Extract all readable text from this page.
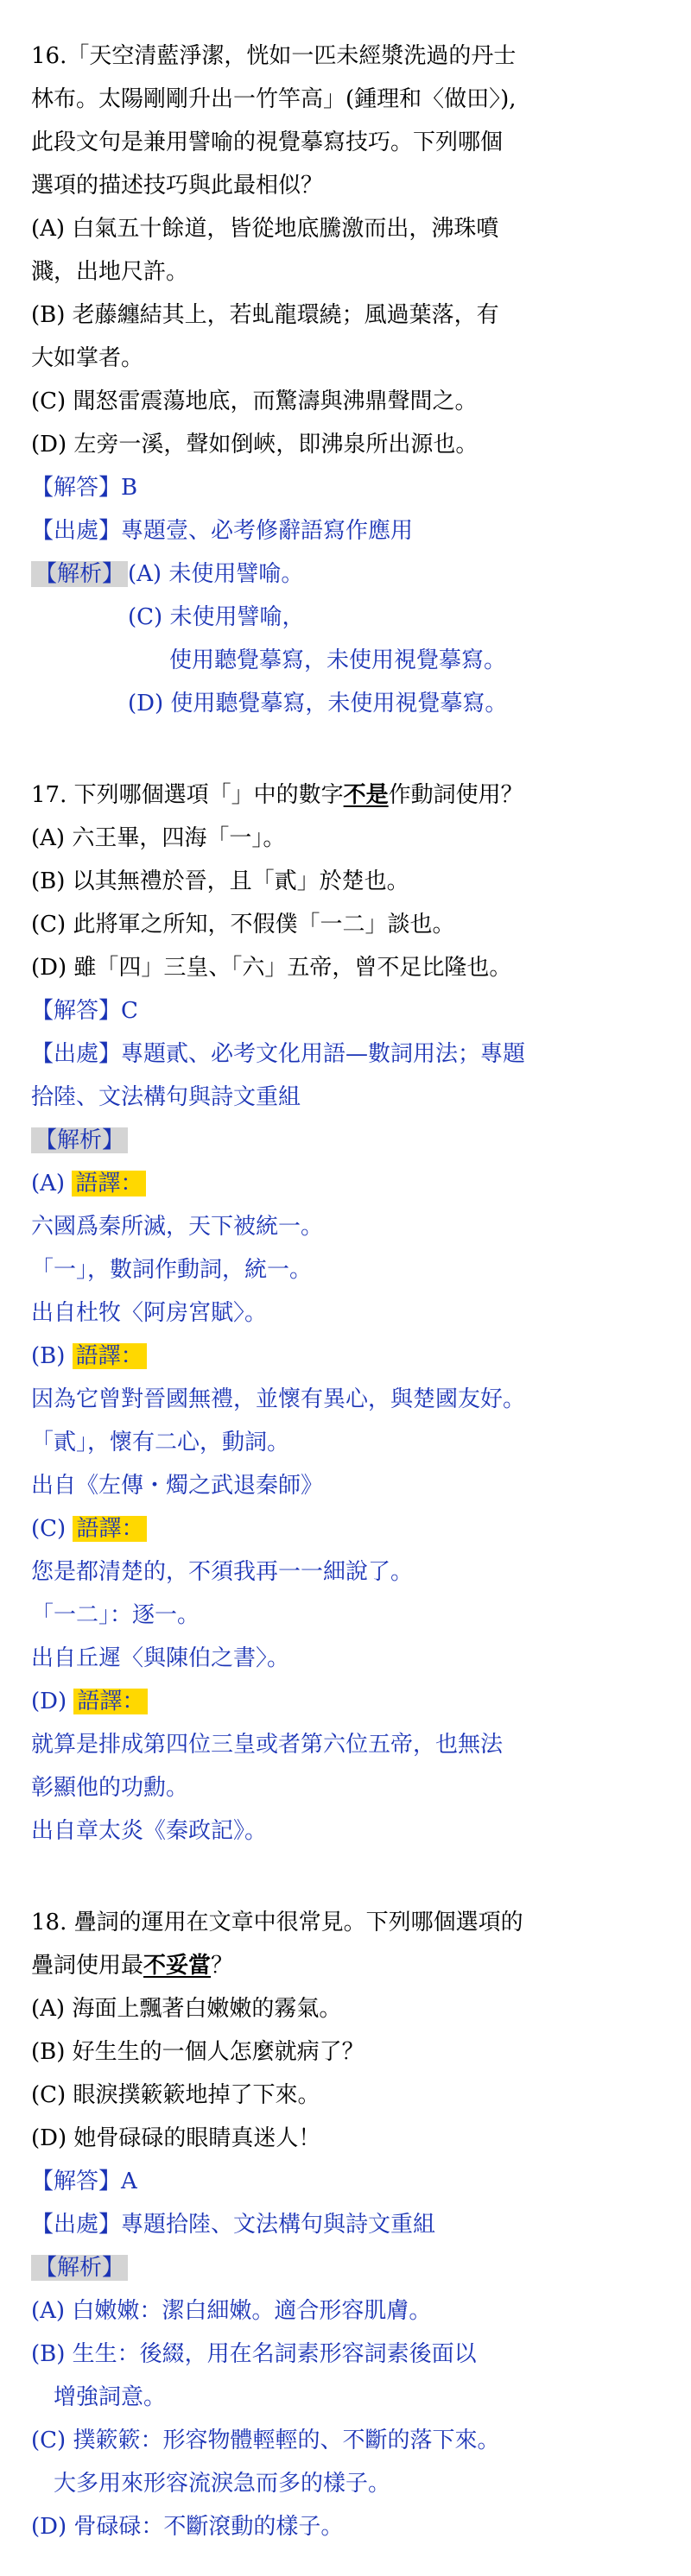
16.「天空清藍淨潔，恍如一匹未經漿洗過的丹士

林布。太陽剛剛升出一竹竿高」(鍾理和〈做田〉),

此段文句是兼用譬喻的視覺摹寫技巧。下列哪個

選項的描述技巧與此最相似？

(A) 白氣五十餘道，皆從地底騰激而出，沸珠噴

濺，出地尺許。

(B) 老藤纏結其上，若虬龍環繞；風過葉落，有

大如掌者。

(C) 聞怒雷震蕩地底，而驚濤與沸鼎聲間之。

(D) 左旁一溪，聲如倒峽，即沸泉所出源也。

【解答】B

【出處】專題壹、必考修辭語寫作應用

【解析】 (A) 未使用譬喻。

(C) 未使用譬喻，

使用聽覺摹寫，未使用視覺摹寫。

(D) 使用聽覺摹寫，未使用視覺摹寫。

17. 下列哪個選項「」中的數字不是作動詞使用？

(A) 六王畢，四海「一」。

(B) 以其無禮於晉，且「貳」於楚也。

(C) 此將軍之所知，不假僕「一二」談也。

(D) 雖「四」三皇、「六」五帝，曾不足比隆也。

【解答】C

【出處】專題貳、必考文化用語—數詞用法；專題

拾陸、文法構句與詩文重組

【解析】

(A) 語譯：

六國爲秦所滅，天下被統一。

「一」，數詞作動詞，統一。

出自杜牧〈阿房宮賦〉。

(B) 語譯：

因為它曾對晉國無禮，並懷有異心，與楚國友好。

「貳」，懷有二心，動詞。

出自《左傳・燭之武退秦師》

(C) 語譯：

您是都清楚的，不須我再一一細說了。

「一二」：逐一。

出自丘遲〈與陳伯之書〉。

(D) 語譯：

就算是排成第四位三皇或者第六位五帝，也無法

彰顯他的功勳。

出自章太炎《秦政記》。

18. 疊詞的運用在文章中很常見。下列哪個選項的

疊詞使用最不妥當？

(A) 海面上飄著白嫩嫩的霧氣。

(B) 好生生的一個人怎麼就病了？

(C) 眼淚撲簌簌地掉了下來。

(D) 她骨碌碌的眼睛真迷人！

【解答】A

【出處】專題拾陸、文法構句與詩文重組

【解析】

(A) 白嫩嫩：潔白細嫩。適合形容肌膚。

(B) 生生：後綴，用在名詞素形容詞素後面以

增強詞意。

(C) 撲簌簌：形容物體輕輕的、不斷的落下來。

大多用來形容流淚急而多的樣子。

(D) 骨碌碌：不斷滾動的樣子。
